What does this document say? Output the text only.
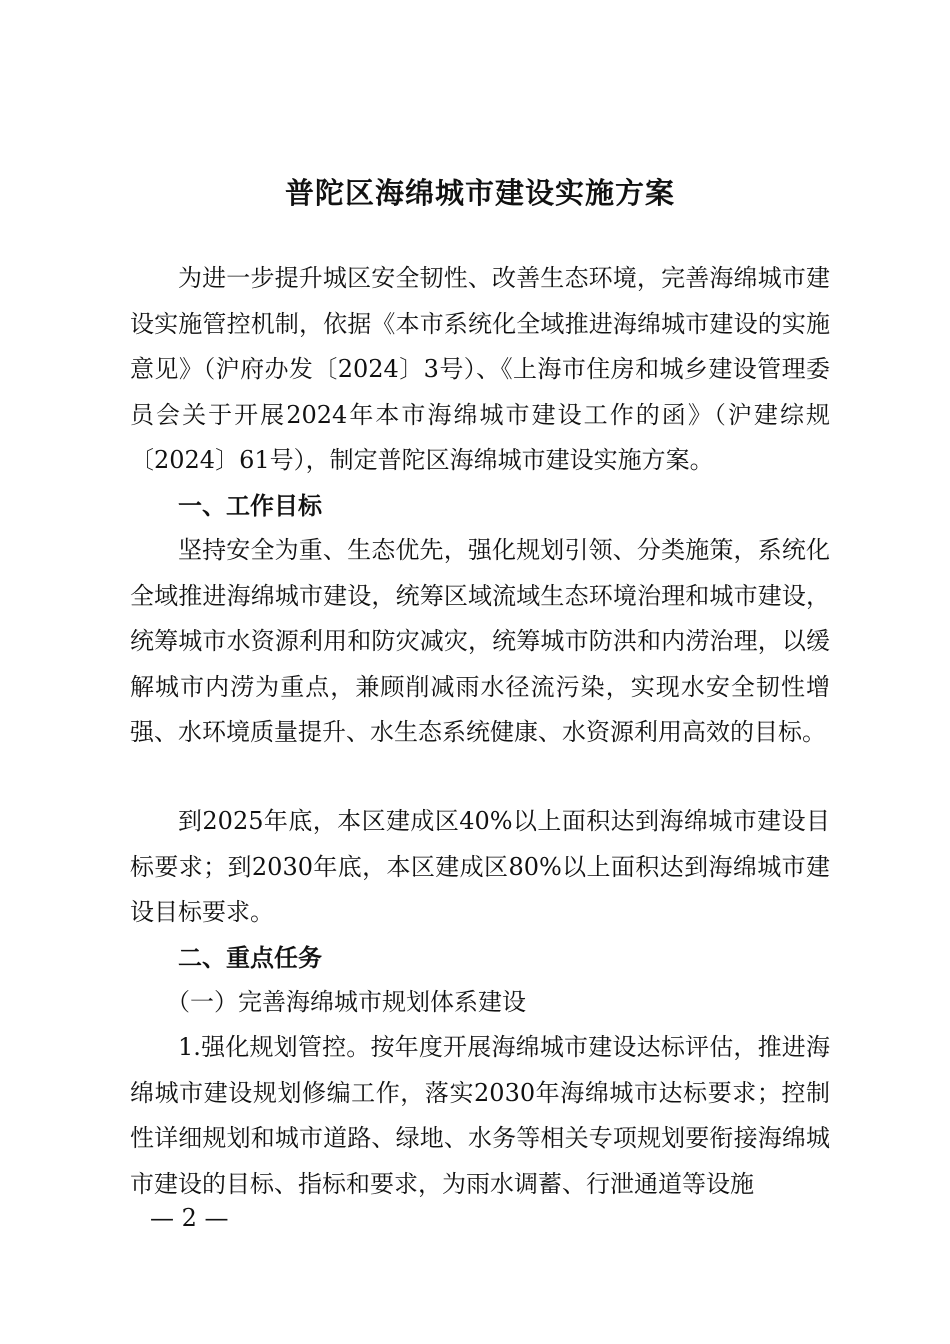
普陀区海绵城市建设实施方案

为进一步提升城区安全韧性、改善生态环境，完善海绵城市建设实施管控机制，依据《本市系统化全域推进海绵城市建设的实施意见》（沪府办发〔2024〕3号）、《上海市住房和城乡建设管理委员会关于开展2024年本市海绵城市建设工作的函》（沪建综规〔2024〕61号），制定普陀区海绵城市建设实施方案。

一、工作目标

坚持安全为重、生态优先，强化规划引领、分类施策，系统化全域推进海绵城市建设，统筹区域流域生态环境治理和城市建设，统筹城市水资源利用和防灾减灾，统筹城市防洪和内涝治理，以缓解城市内涝为重点，兼顾削减雨水径流污染，实现水安全韧性增强、水环境质量提升、水生态系统健康、水资源利用高效的目标。

到2025年底，本区建成区40%以上面积达到海绵城市建设目标要求；到2030年底，本区建成区80%以上面积达到海绵城市建设目标要求。

二、重点任务

（一）完善海绵城市规划体系建设

1.强化规划管控。按年度开展海绵城市建设达标评估，推进海绵城市建设规划修编工作，落实2030年海绵城市达标要求；控制性详细规划和城市道路、绿地、水务等相关专项规划要衔接海绵城市建设的目标、指标和要求，为雨水调蓄、行泄通道等设施

— 2 —
